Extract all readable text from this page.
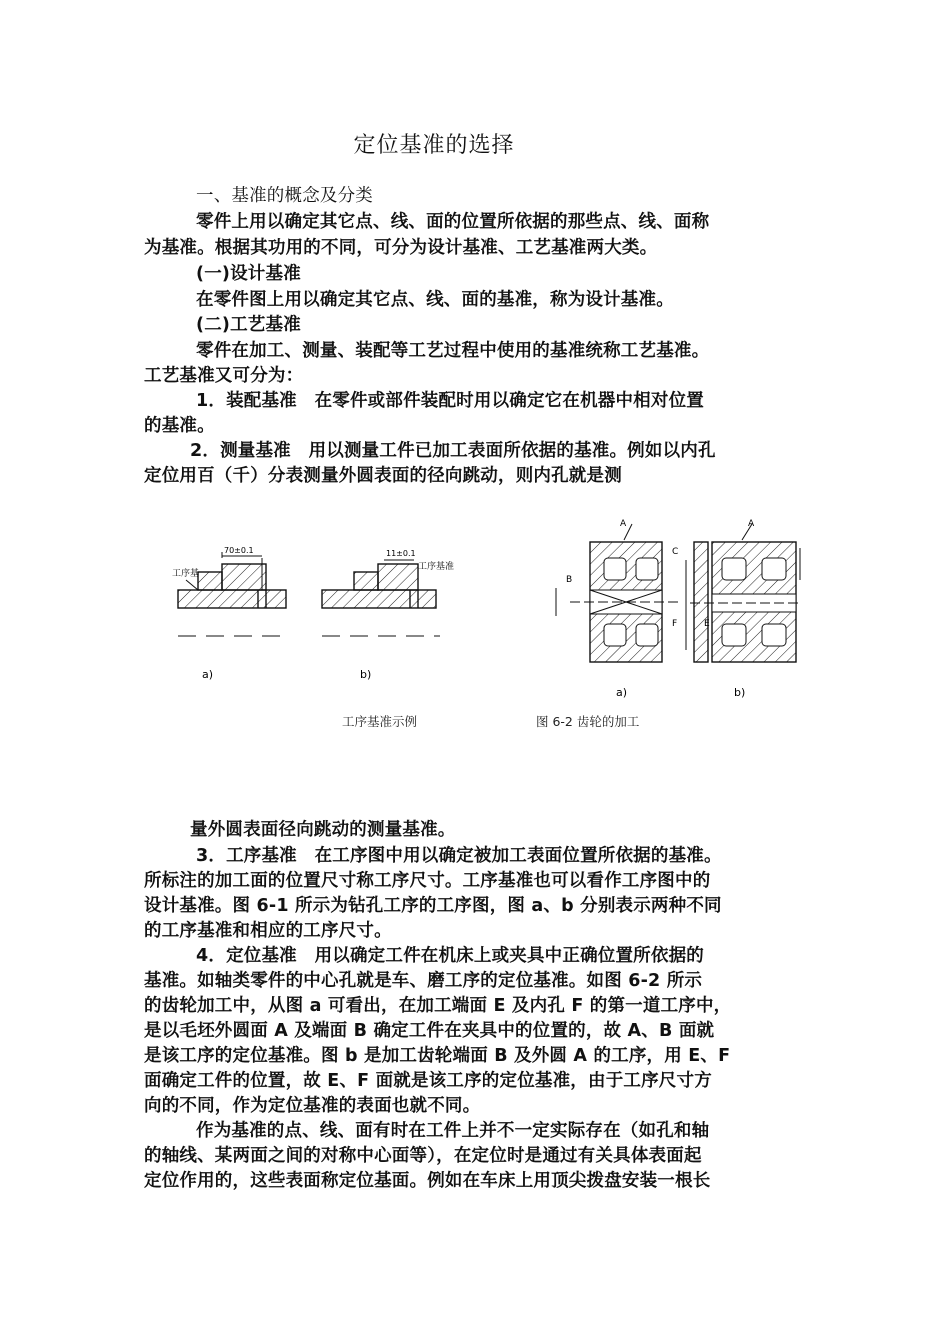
定位基准的选择
一、基准的概念及分类
零件上用以确定其它点、线、面的位置所依据的那些点、线、面称
为基准。根据其功用的不同，可分为设计基准、工艺基准两大类。
(一)设计基准
在零件图上用以确定其它点、线、面的基准，称为设计基准。
(二)工艺基准
零件在加工、测量、装配等工艺过程中使用的基准统称工艺基准。
工艺基准又可分为：
1．装配基准　在零件或部件装配时用以确定它在机器中相对位置
的基准。
2．测量基准　用以测量工件已加工表面所依据的基准。例如以内孔
定位用百（千）分表测量外圆表面的径向跳动，则内孔就是测
70±0.1
工序基
a)
11±0.1
工序基准
b)
A
B
C
F
a)
A
E
b)
工序基准示例	图 6-2 齿轮的加工
量外圆表面径向跳动的测量基准。
3．工序基准　在工序图中用以确定被加工表面位置所依据的基准。
所标注的加工面的位置尺寸称工序尺寸。工序基准也可以看作工序图中的
设计基准。图 6-1 所示为钻孔工序的工序图，图 a、b 分别表示两种不同
的工序基准和相应的工序尺寸。
4．定位基准　用以确定工件在机床上或夹具中正确位置所依据的
基准。如轴类零件的中心孔就是车、磨工序的定位基准。如图 6-2 所示
的齿轮加工中，从图 a 可看出，在加工端面 E 及内孔 F 的第一道工序中，
是以毛坯外圆面 A 及端面 B 确定工件在夹具中的位置的，故 A、B 面就
是该工序的定位基准。图 b 是加工齿轮端面 B 及外圆 A 的工序，用 E、F
面确定工件的位置，故 E、F 面就是该工序的定位基准，由于工序尺寸方
向的不同，作为定位基准的表面也就不同。
作为基准的点、线、面有时在工件上并不一定实际存在（如孔和轴
的轴线、某两面之间的对称中心面等），在定位时是通过有关具体表面起
定位作用的，这些表面称定位基面。例如在车床上用顶尖拨盘安装一根长
